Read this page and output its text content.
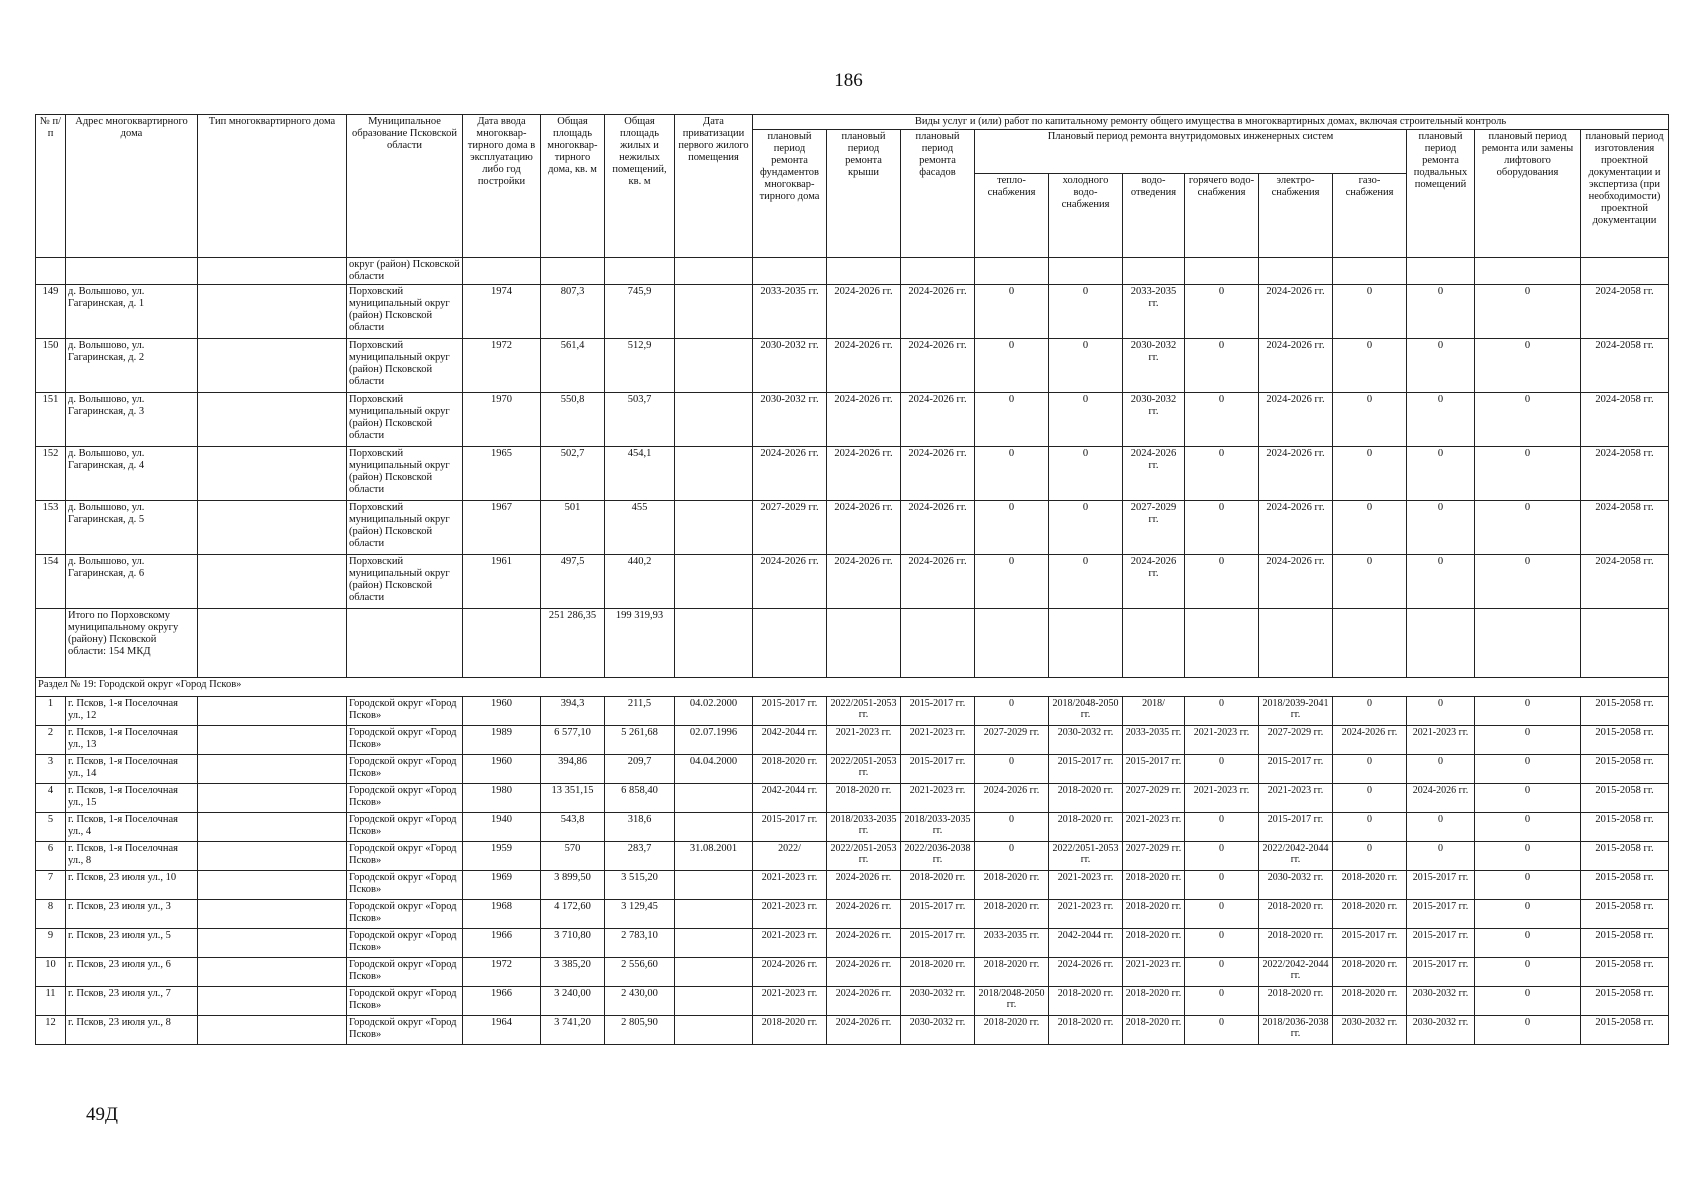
186
№ п/п	Адрес многоквартирного дома	Тип многоквартирного дома	Муниципальное образование Псковской области	Дата ввода многоквар-тирного дома в эксплуатацию либо год постройки	Общая площадь многоквар-тирного дома, кв. м	Общая площадь жилых и нежилых помещений, кв. м	Дата приватизации первого жилого помещения	Виды услуг и (или) работ по капитальному ремонту общего имущества в многоквартирных домах, включая строительный контроль											
								плановый период ремонта фундаментов многоквар-тирного дома	плановый период ремонта крыши	плановый период ремонта фасадов	Плановый период ремонта внутридомовых инженерных систем						плановый период ремонта подвальных помещений	плановый период ремонта или замены лифтового оборудования	плановый период изготовления проектной документации и экспертиза (при необходимости) проектной документации
											тепло-снабжения	холодного водо-снабжения	водо-отведения	горячего водо-снабжения	электро-снабжения	газо-снабжения			
			округ (район) Псковской области																
149	д. Волышово, ул. Гагаринская, д. 1		Порховский муниципальный округ (район) Псковской области	1974	807,3	745,9		2033-2035 гг.	2024-2026 гг.	2024-2026 гг.	0	0	2033-2035 гг.	0	2024-2026 гг.	0	0	0	2024-2058 гг.
150	д. Волышово, ул. Гагаринская, д. 2		Порховский муниципальный округ (район) Псковской области	1972	561,4	512,9		2030-2032 гг.	2024-2026 гг.	2024-2026 гг.	0	0	2030-2032 гг.	0	2024-2026 гг.	0	0	0	2024-2058 гг.
151	д. Волышово, ул. Гагаринская, д. 3		Порховский муниципальный округ (район) Псковской области	1970	550,8	503,7		2030-2032 гг.	2024-2026 гг.	2024-2026 гг.	0	0	2030-2032 гг.	0	2024-2026 гг.	0	0	0	2024-2058 гг.
152	д. Волышово, ул. Гагаринская, д. 4		Порховский муниципальный округ (район) Псковской области	1965	502,7	454,1		2024-2026 гг.	2024-2026 гг.	2024-2026 гг.	0	0	2024-2026 гг.	0	2024-2026 гг.	0	0	0	2024-2058 гг.
153	д. Волышово, ул. Гагаринская, д. 5		Порховский муниципальный округ (район) Псковской области	1967	501	455		2027-2029 гг.	2024-2026 гг.	2024-2026 гг.	0	0	2027-2029 гг.	0	2024-2026 гг.	0	0	0	2024-2058 гг.
154	д. Волышово, ул. Гагаринская, д. 6		Порховский муниципальный округ (район) Псковской области	1961	497,5	440,2		2024-2026 гг.	2024-2026 гг.	2024-2026 гг.	0	0	2024-2026 гг.	0	2024-2026 гг.	0	0	0	2024-2058 гг.
	Итого по Порховскому муниципальному округу (району) Псковской области: 154 МКД				251 286,35	199 319,93													
Раздел № 19: Городской округ «Город Псков»																			
1	г. Псков, 1-я Поселочная ул., 12		Городской округ «Город Псков»	1960	394,3	211,5	04.02.2000	2015-2017 гг.	2022/2051-2053 гг.	2015-2017 гг.	0	2018/2048-2050 гг.	2018/	0	2018/2039-2041 гг.	0	0	0	2015-2058 гг.
2	г. Псков, 1-я Поселочная ул., 13		Городской округ «Город Псков»	1989	6 577,10	5 261,68	02.07.1996	2042-2044 гг.	2021-2023 гг.	2021-2023 гг.	2027-2029 гг.	2030-2032 гг.	2033-2035 гг.	2021-2023 гг.	2027-2029 гг.	2024-2026 гг.	2021-2023 гг.	0	2015-2058 гг.
3	г. Псков, 1-я Поселочная ул., 14		Городской округ «Город Псков»	1960	394,86	209,7	04.04.2000	2018-2020 гг.	2022/2051-2053 гг.	2015-2017 гг.	0	2015-2017 гг.	2015-2017 гг.	0	2015-2017 гг.	0	0	0	2015-2058 гг.
4	г. Псков, 1-я Поселочная ул., 15		Городской округ «Город Псков»	1980	13 351,15	6 858,40		2042-2044 гг.	2018-2020 гг.	2021-2023 гг.	2024-2026 гг.	2018-2020 гг.	2027-2029 гг.	2021-2023 гг.	2021-2023 гг.	0	2024-2026 гг.	0	2015-2058 гг.
5	г. Псков, 1-я Поселочная ул., 4		Городской округ «Город Псков»	1940	543,8	318,6		2015-2017 гг.	2018/2033-2035 гг.	2018/2033-2035 гг.	0	2018-2020 гг.	2021-2023 гг.	0	2015-2017 гг.	0	0	0	2015-2058 гг.
6	г. Псков, 1-я Поселочная ул., 8		Городской округ «Город Псков»	1959	570	283,7	31.08.2001	2022/	2022/2051-2053 гг.	2022/2036-2038 гг.	0	2022/2051-2053 гг.	2027-2029 гг.	0	2022/2042-2044 гг.	0	0	0	2015-2058 гг.
7	г. Псков, 23 июля ул., 10		Городской округ «Город Псков»	1969	3 899,50	3 515,20		2021-2023 гг.	2024-2026 гг.	2018-2020 гг.	2018-2020 гг.	2021-2023 гг.	2018-2020 гг.	0	2030-2032 гг.	2018-2020 гг.	2015-2017 гг.	0	2015-2058 гг.
8	г. Псков, 23 июля ул., 3		Городской округ «Город Псков»	1968	4 172,60	3 129,45		2021-2023 гг.	2024-2026 гг.	2015-2017 гг.	2018-2020 гг.	2021-2023 гг.	2018-2020 гг.	0	2018-2020 гг.	2018-2020 гг.	2015-2017 гг.	0	2015-2058 гг.
9	г. Псков, 23 июля ул., 5		Городской округ «Город Псков»	1966	3 710,80	2 783,10		2021-2023 гг.	2024-2026 гг.	2015-2017 гг.	2033-2035 гг.	2042-2044 гг.	2018-2020 гг.	0	2018-2020 гг.	2015-2017 гг.	2015-2017 гг.	0	2015-2058 гг.
10	г. Псков, 23 июля ул., 6		Городской округ «Город Псков»	1972	3 385,20	2 556,60		2024-2026 гг.	2024-2026 гг.	2018-2020 гг.	2018-2020 гг.	2024-2026 гг.	2021-2023 гг.	0	2022/2042-2044 гг.	2018-2020 гг.	2015-2017 гг.	0	2015-2058 гг.
11	г. Псков, 23 июля ул., 7		Городской округ «Город Псков»	1966	3 240,00	2 430,00		2021-2023 гг.	2024-2026 гг.	2030-2032 гг.	2018/2048-2050 гг.	2018-2020 гг.	2018-2020 гг.	0	2018-2020 гг.	2018-2020 гг.	2030-2032 гг.	0	2015-2058 гг.
12	г. Псков, 23 июля ул., 8		Городской округ «Город Псков»	1964	3 741,20	2 805,90		2018-2020 гг.	2024-2026 гг.	2030-2032 гг.	2018-2020 гг.	2018-2020 гг.	2018-2020 гг.	0	2018/2036-2038 гг.	2030-2032 гг.	2030-2032 гг.	0	2015-2058 гг.
49Д
